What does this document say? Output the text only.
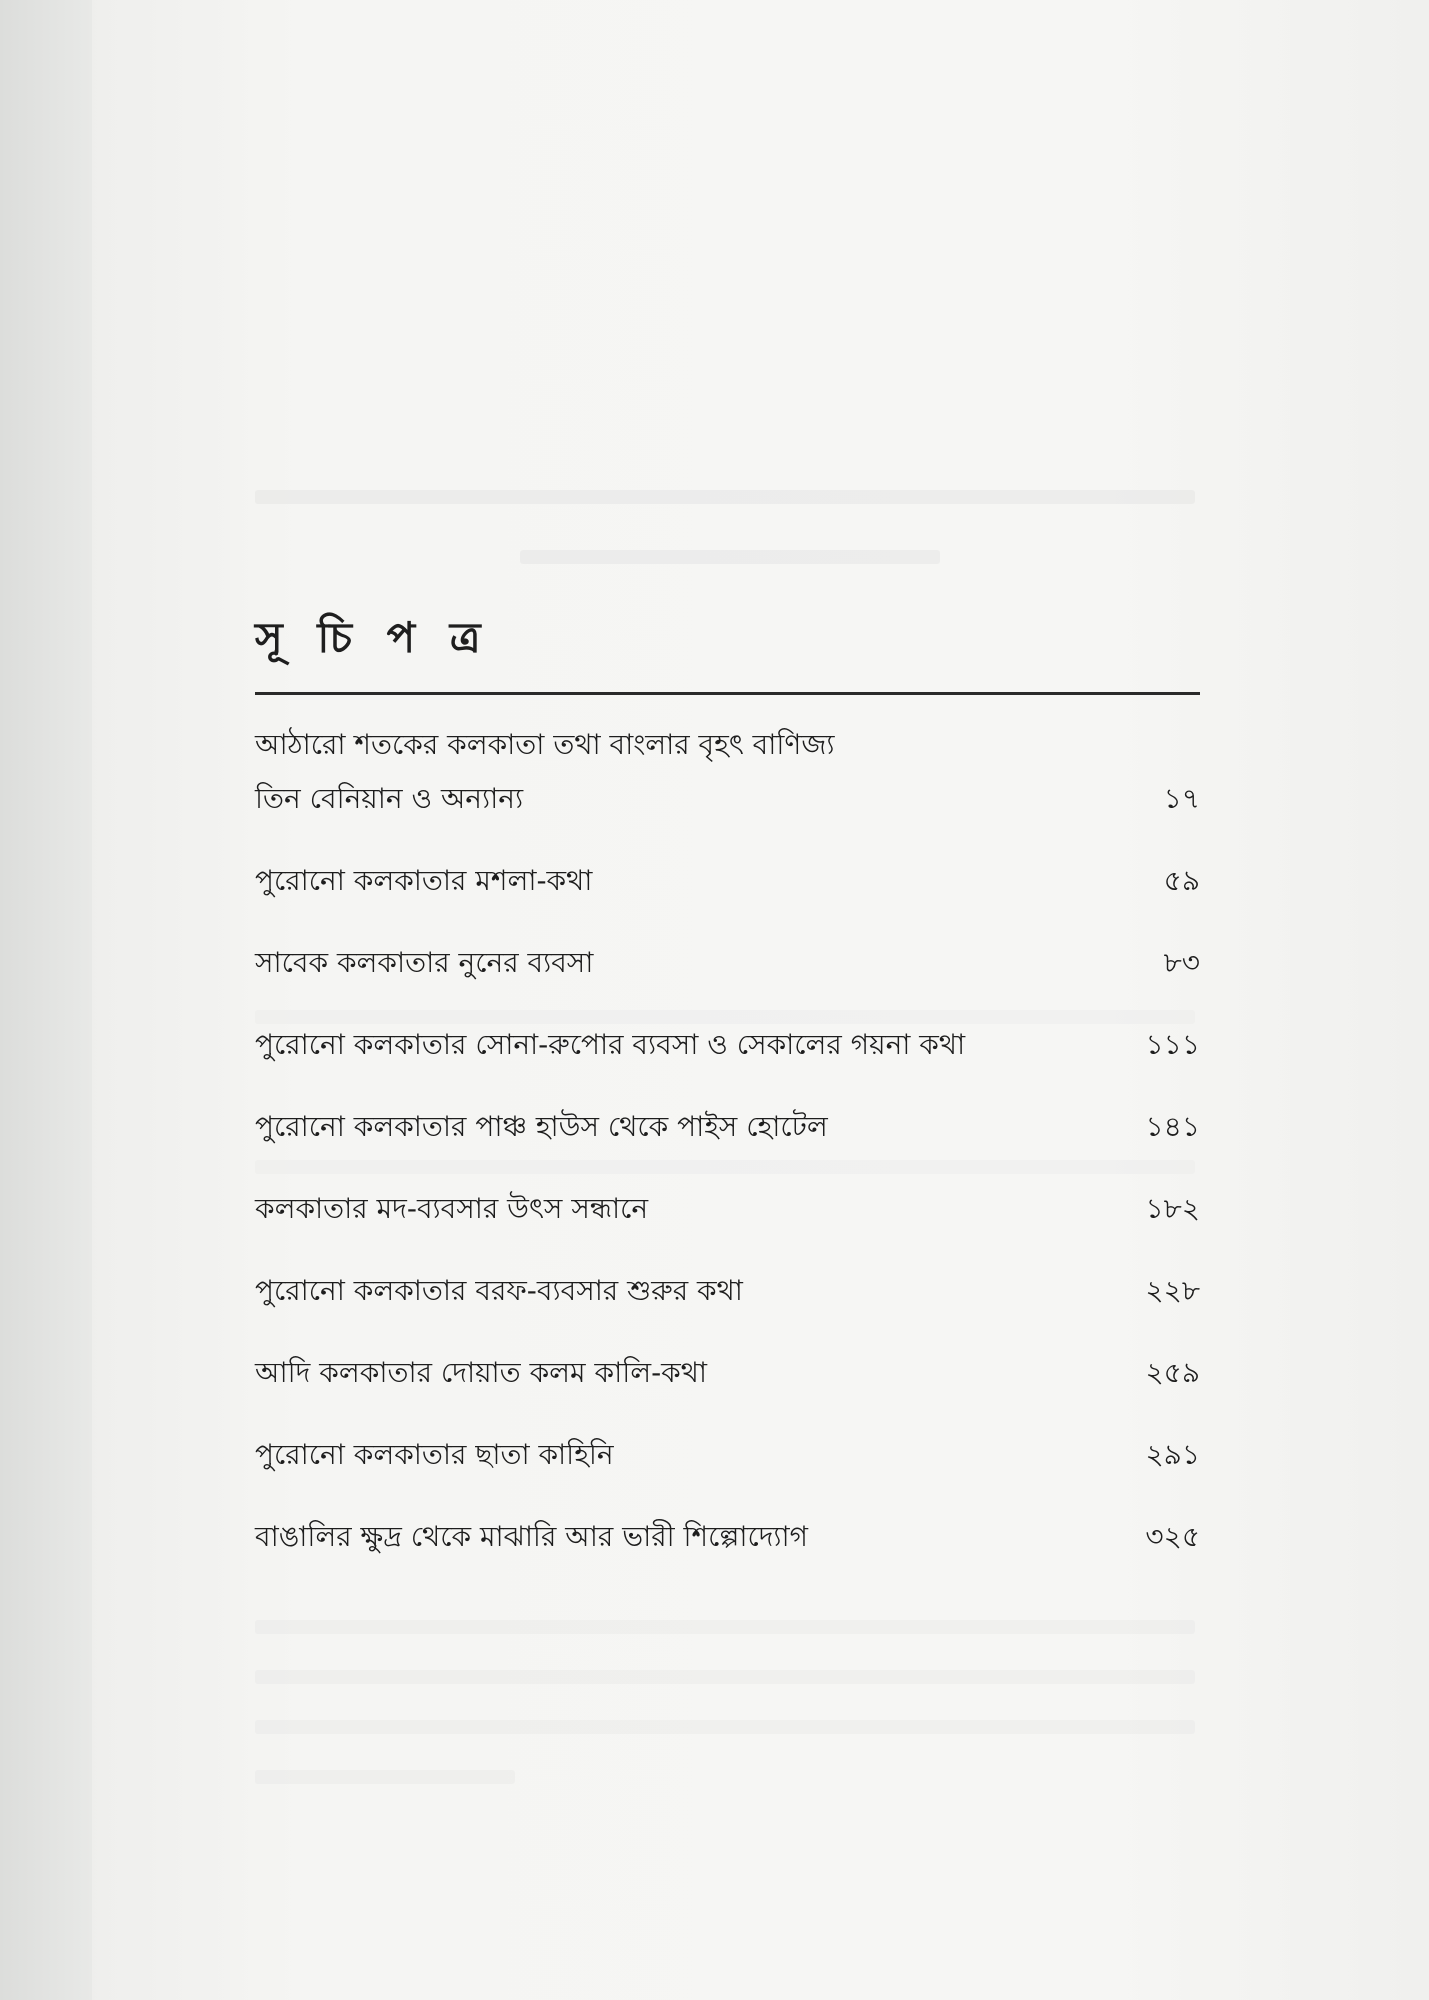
সূ চি প ত্র
আঠারো শতকের কলকাতা তথা বাংলার বৃহৎ বাণিজ্য
তিন বেনিয়ান ও অন্যান্য	১৭
পুরোনো কলকাতার মশলা-কথা	৫৯
সাবেক কলকাতার নুনের ব্যবসা	৮৩
পুরোনো কলকাতার সোনা-রুপোর ব্যবসা ও সেকালের গয়না কথা	১১১
পুরোনো কলকাতার পাঞ্চ হাউস থেকে পাইস হোটেল	১৪১
কলকাতার মদ-ব্যবসার উৎস সন্ধানে	১৮২
পুরোনো কলকাতার বরফ-ব্যবসার শুরুর কথা	২২৮
আদি কলকাতার দোয়াত কলম কালি-কথা	২৫৯
পুরোনো কলকাতার ছাতা কাহিনি	২৯১
বাঙালির ক্ষুদ্র থেকে মাঝারি আর ভারী শিল্পোদ্যোগ	৩২৫
